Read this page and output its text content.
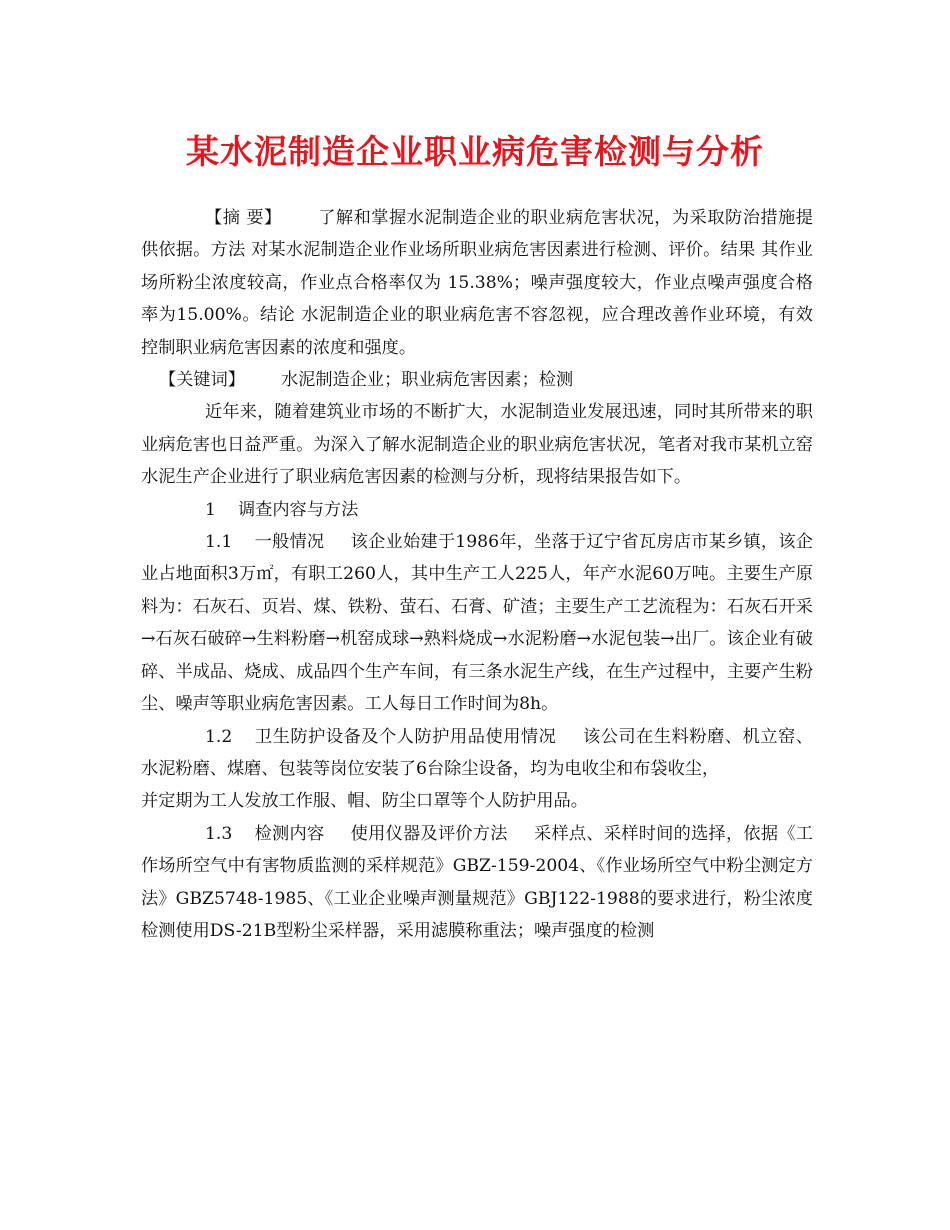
某水泥制造企业职业病危害检测与分析

【摘 要】 了解和掌握水泥制造企业的职业病危害状况，为采取防治措施提供依据。方法 对某水泥制造企业作业场所职业病危害因素进行检测、评价。结果 其作业场所粉尘浓度较高，作业点合格率仅为 15.38%；噪声强度较大，作业点噪声强度合格率为15.00%。结论 水泥制造企业的职业病危害不容忽视，应合理改善作业环境，有效控制职业病危害因素的浓度和强度。

【关键词】 水泥制造企业；职业病危害因素；检测

近年来，随着建筑业市场的不断扩大，水泥制造业发展迅速，同时其所带来的职业病危害也日益严重。为深入了解水泥制造企业的职业病危害状况，笔者对我市某机立窑水泥生产企业进行了职业病危害因素的检测与分析，现将结果报告如下。

1 调查内容与方法

1.1 一般情况 该企业始建于1986年，坐落于辽宁省瓦房店市某乡镇，该企业占地面积3万㎡，有职工260人，其中生产工人225人，年产水泥60万吨。主要生产原料为：石灰石、页岩、煤、铁粉、萤石、石膏、矿渣；主要生产工艺流程为：石灰石开采→石灰石破碎→生料粉磨→机窑成球→熟料烧成→水泥粉磨→水泥包装→出厂。该企业有破碎、半成品、烧成、成品四个生产车间，有三条水泥生产线，在生产过程中，主要产生粉尘、噪声等职业病危害因素。工人每日工作时间为8h。

1.2 卫生防护设备及个人防护用品使用情况 该公司在生料粉磨、机立窑、水泥粉磨、煤磨、包装等岗位安装了6台除尘设备，均为电收尘和布袋收尘，

并定期为工人发放工作服、帽、防尘口罩等个人防护用品。

1.3 检测内容 使用仪器及评价方法 采样点、采样时间的选择，依据《工作场所空气中有害物质监测的采样规范》GBZ-159-2004、《作业场所空气中粉尘测定方法》GBZ5748-1985、《工业企业噪声测量规范》GBJ122-1988的要求进行，粉尘浓度检测使用DS-21B型粉尘采样器，采用滤膜称重法；噪声强度的检测
